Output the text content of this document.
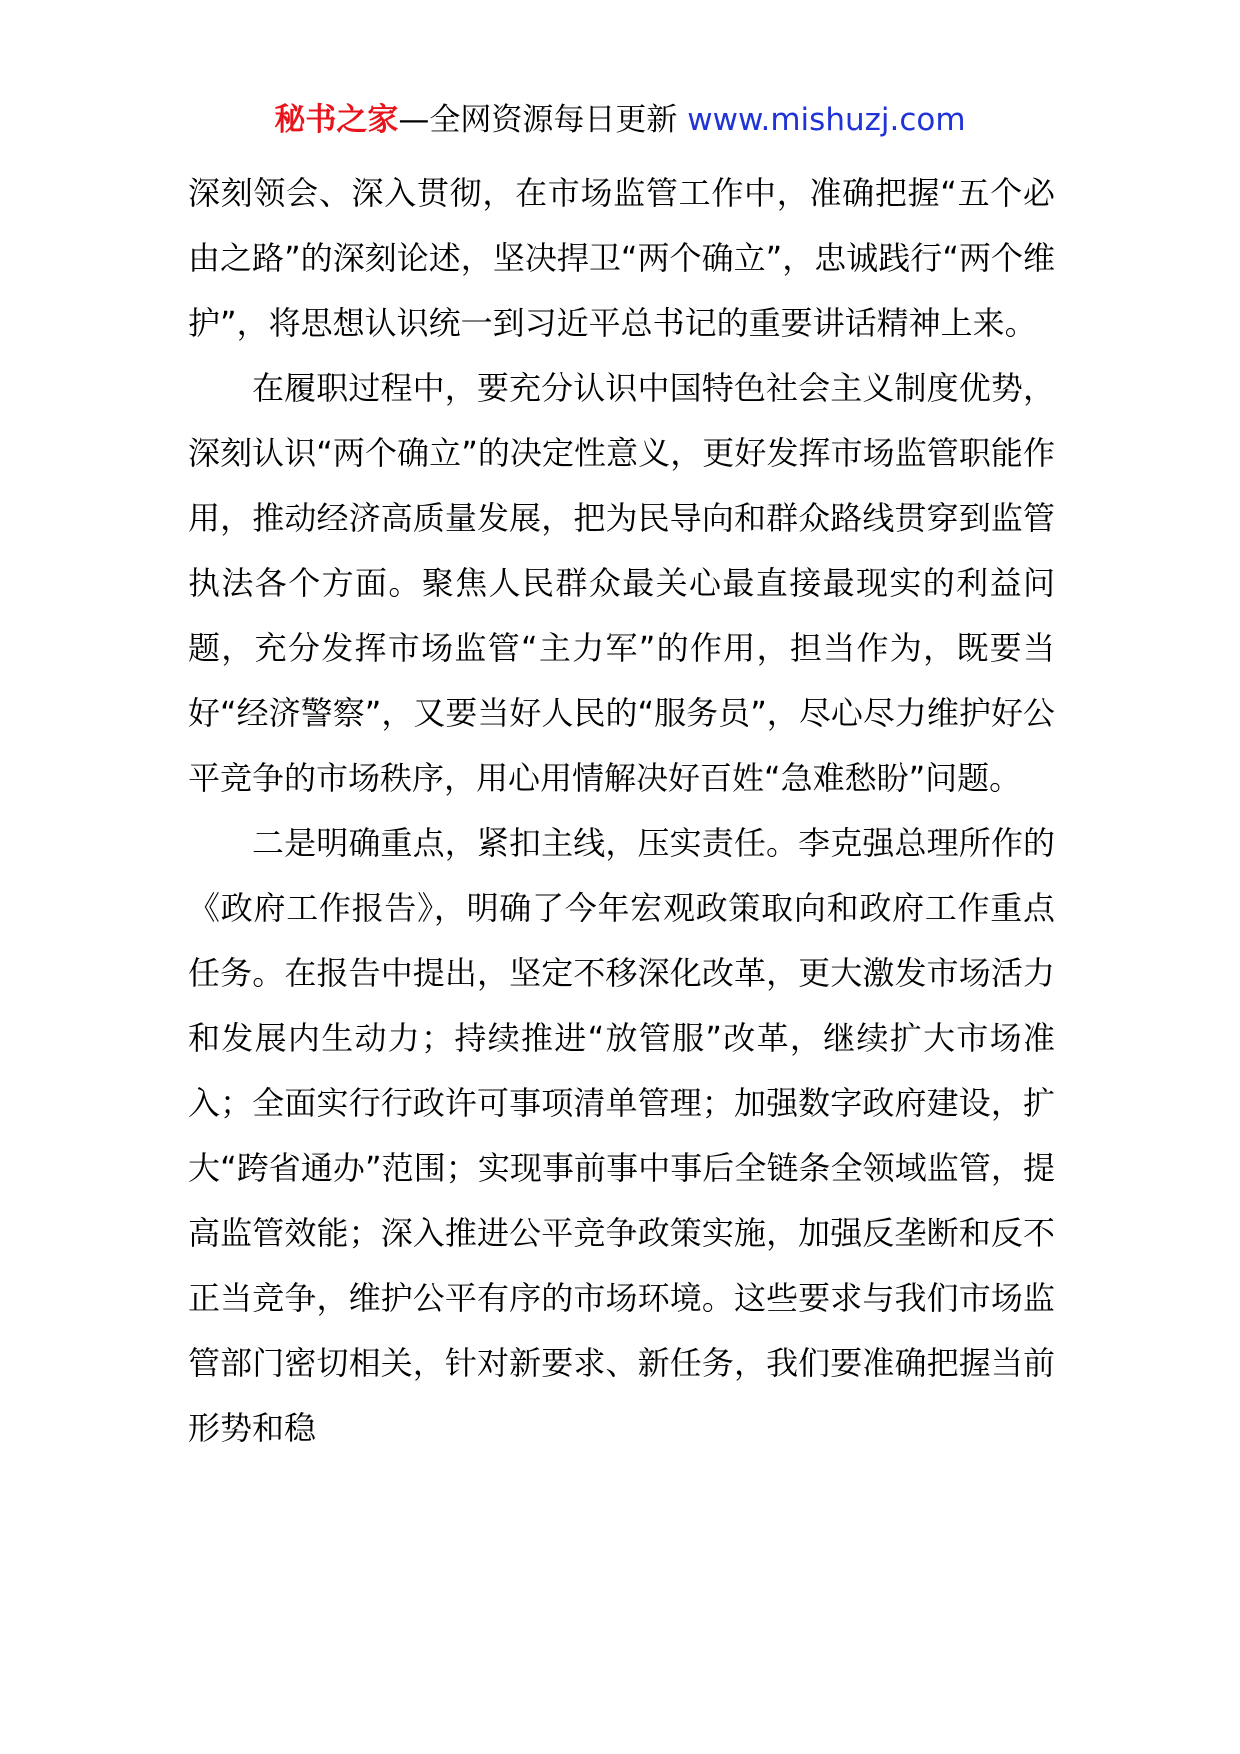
秘书之家—全网资源每日更新 www.mishuzj.com

深刻领会、深入贯彻，在市场监管工作中，准确把握“五个必由之路”的深刻论述，坚决捍卫“两个确立”，忠诚践行“两个维护”，将思想认识统一到习近平总书记的重要讲话精神上来。

在履职过程中，要充分认识中国特色社会主义制度优势，深刻认识“两个确立”的决定性意义，更好发挥市场监管职能作用，推动经济高质量发展，把为民导向和群众路线贯穿到监管执法各个方面。聚焦人民群众最关心最直接最现实的利益问题，充分发挥市场监管“主力军”的作用，担当作为，既要当好“经济警察”，又要当好人民的“服务员”，尽心尽力维护好公平竞争的市场秩序，用心用情解决好百姓“急难愁盼”问题。

二是明确重点，紧扣主线，压实责任。李克强总理所作的《政府工作报告》，明确了今年宏观政策取向和政府工作重点任务。在报告中提出，坚定不移深化改革，更大激发市场活力和发展内生动力；持续推进“放管服”改革，继续扩大市场准入；全面实行行政许可事项清单管理；加强数字政府建设，扩大“跨省通办”范围；实现事前事中事后全链条全领域监管，提高监管效能；深入推进公平竞争政策实施，加强反垄断和反不正当竞争，维护公平有序的市场环境。这些要求与我们市场监管部门密切相关，针对新要求、新任务，我们要准确把握当前形势和稳
